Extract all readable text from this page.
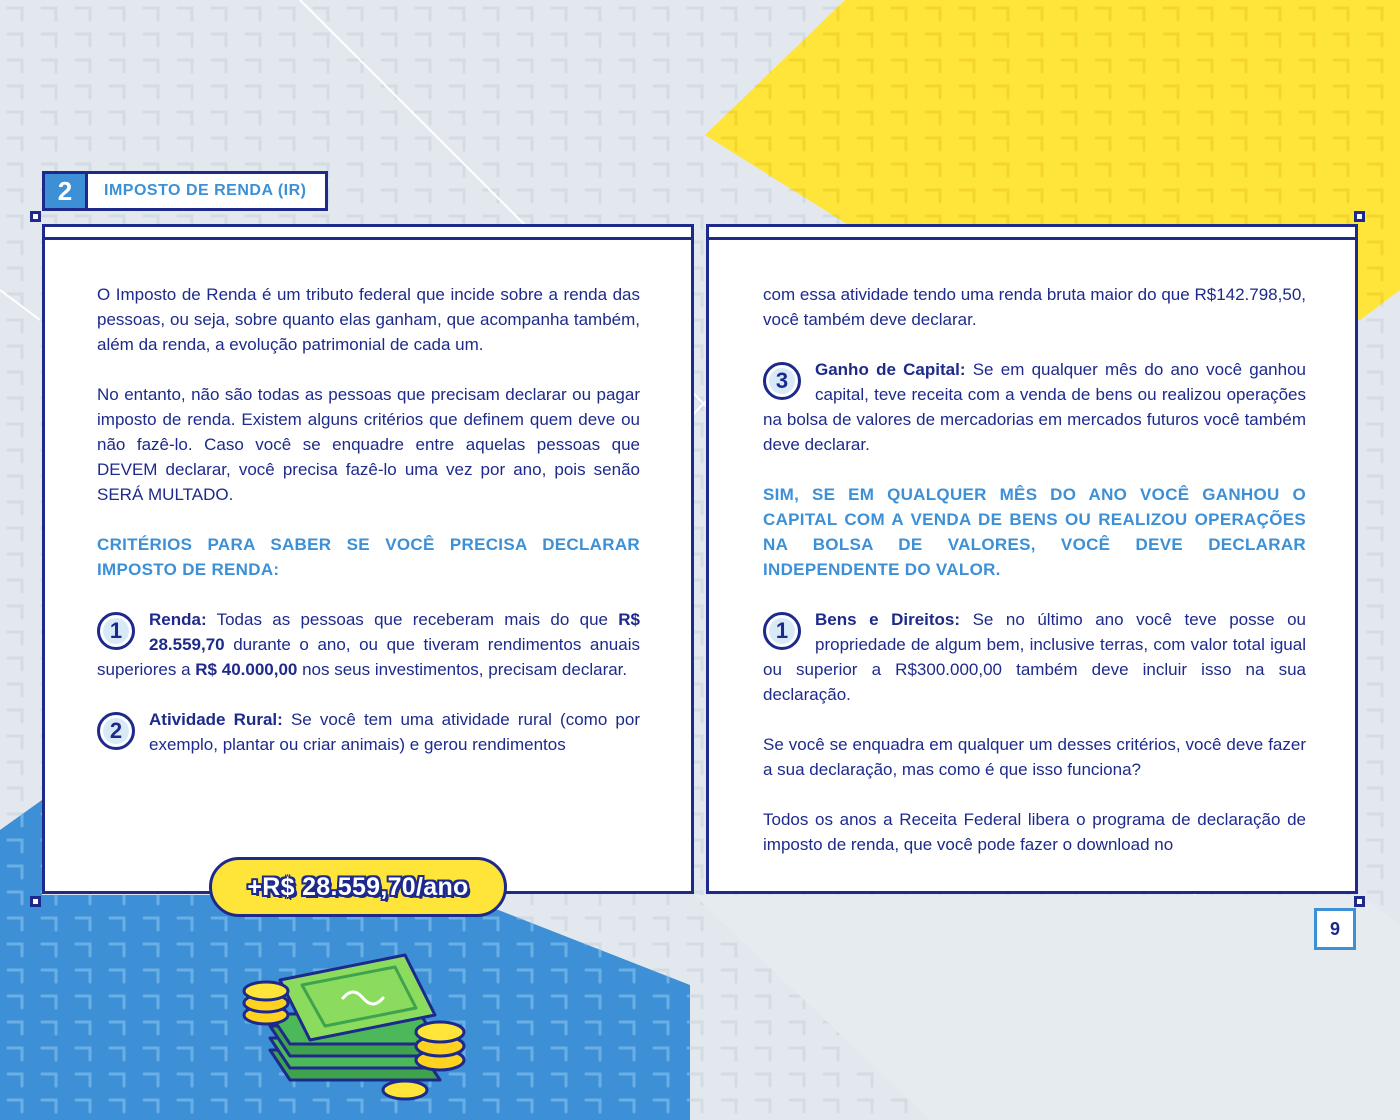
2	IMPOSTO DE RENDA (IR)

O Imposto de Renda é um tributo federal que incide sobre a renda das pessoas, ou seja, sobre quanto elas ganham, que acompanha também, além da renda, a evolução patrimonial de cada um.

No entanto, não são todas as pessoas que precisam declarar ou pagar imposto de renda. Existem alguns critérios que definem quem deve ou não fazê-lo. Caso você se enquadre entre aquelas pessoas que DEVEM declarar, você precisa fazê-lo uma vez por ano, pois senão SERÁ MULTADO.

CRITÉRIOS PARA SABER SE VOCÊ PRECISA DECLARAR IMPOSTO DE RENDA:

1	Renda: Todas as pessoas que receberam mais do que R$ 28.559,70 durante o ano, ou que tiveram rendimentos anuais superiores a R$ 40.000,00 nos seus investimentos, precisam declarar.
2	Atividade Rural: Se você tem uma atividade rural (como por exemplo, plantar ou criar animais) e gerou rendimentos

com essa atividade tendo uma renda bruta maior do que R$142.798,50, você também deve declarar.

3	Ganho de Capital: Se em qualquer mês do ano você ganhou capital, teve receita com a venda de bens ou realizou operações na bolsa de valores de mercadorias em mercados futuros você também deve declarar.

SIM, SE EM QUALQUER MÊS DO ANO VOCÊ GANHOU O CAPITAL COM A VENDA DE BENS OU REALIZOU OPERAÇÕES NA BOLSA DE VALORES, VOCÊ DEVE DECLARAR INDEPENDENTE DO VALOR.

1	Bens e Direitos: Se no último ano você teve posse ou propriedade de algum bem, inclusive terras, com valor total igual ou superior a R$300.000,00 também deve incluir isso na sua declaração.

Se você se enquadra em qualquer um desses critérios, você deve fazer a sua declaração, mas como é que isso funciona?

Todos os anos a Receita Federal libera o programa de declaração de imposto de renda, que você pode fazer o download no

+R$ 28.559,70/ano
9
